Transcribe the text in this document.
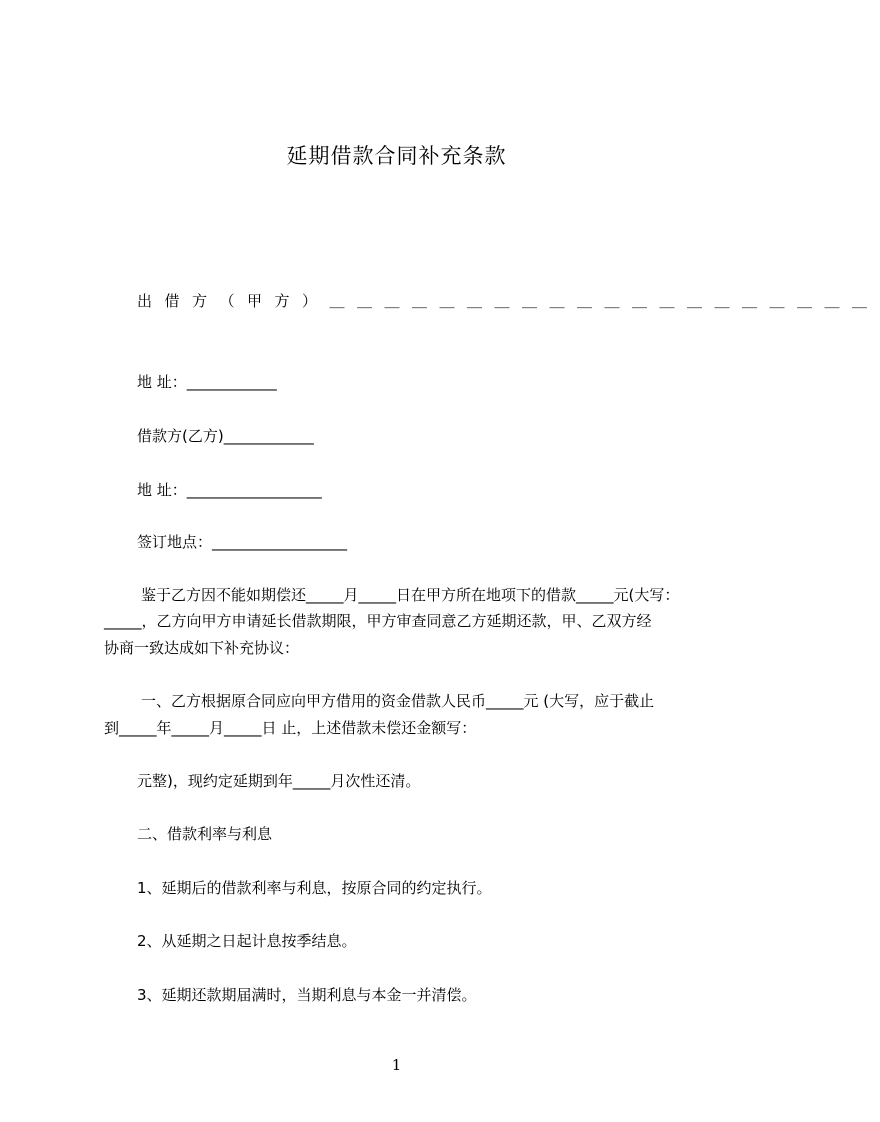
延期借款合同补充条款

出借方（甲方）＿＿＿＿＿＿＿＿＿＿＿＿＿＿＿＿＿＿＿＿

地 址：____________

借款方(乙方)____________

地 址：__________________

签订地点：__________________

鉴于乙方因不能如期偿还_____月_____日在甲方所在地项下的借款_____元(大写：

_____，乙方向甲方申请延长借款期限，甲方审查同意乙方延期还款，甲、乙双方经

协商一致达成如下补充协议：

一、乙方根据原合同应向甲方借用的资金借款人民币_____元 (大写，应于截止

到_____年_____月_____日 止，上述借款未偿还金额写：

元整)，现约定延期到年_____月次性还清。

二、借款利率与利息

1、延期后的借款利率与利息，按原合同的约定执行。

2、从延期之日起计息按季结息。

3、延期还款期届满时，当期利息与本金一并清偿。

1
